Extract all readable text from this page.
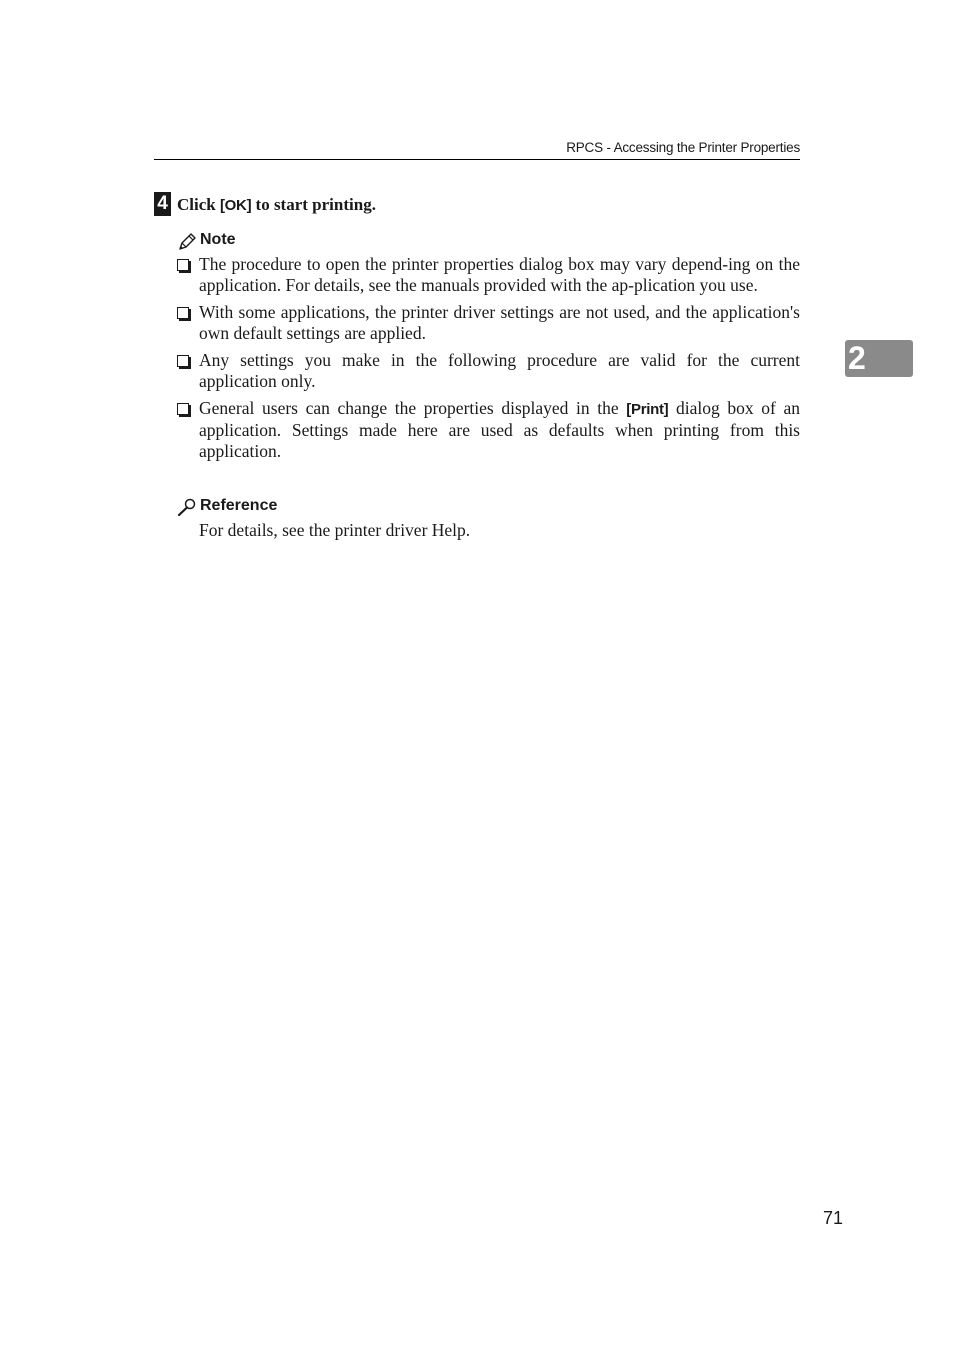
RPCS - Accessing the Printer Properties
4 Click [OK] to start printing.
Note
The procedure to open the printer properties dialog box may vary depend-ing on the application. For details, see the manuals provided with the ap-plication you use.
With some applications, the printer driver settings are not used, and the application's own default settings are applied.
Any settings you make in the following procedure are valid for the current application only.
General users can change the properties displayed in the [Print] dialog box of an application. Settings made here are used as defaults when printing from this application.
Reference
For details, see the printer driver Help.
2
71
